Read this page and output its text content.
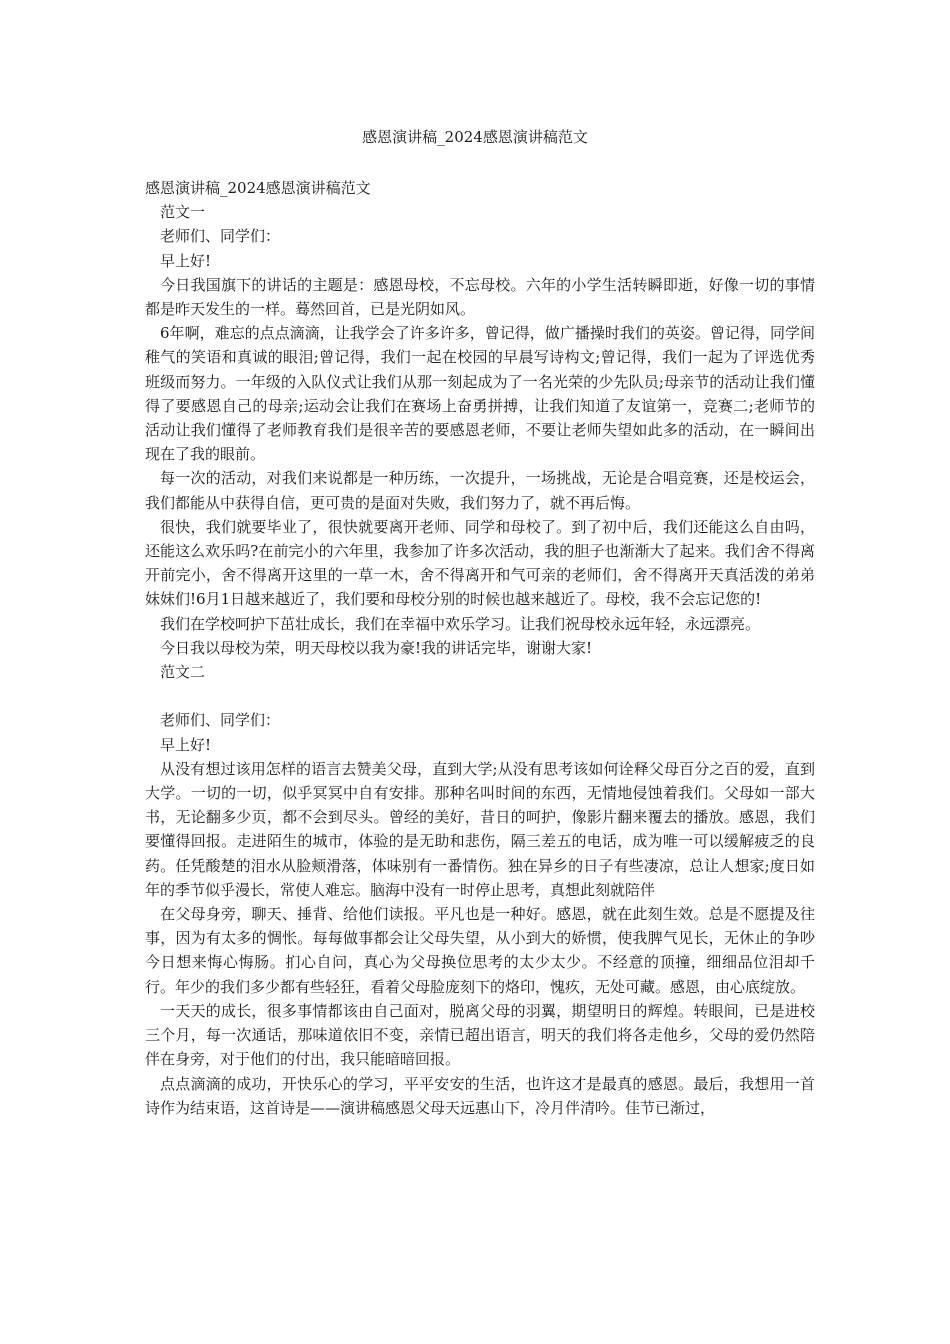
感恩演讲稿_2024感恩演讲稿范文

感恩演讲稿_2024感恩演讲稿范文

范文一

老师们、同学们：

早上好!

今日我国旗下的讲话的主题是：感恩母校，不忘母校。六年的小学生活转瞬即逝，好像一切的事情都是昨天发生的一样。蓦然回首，已是光阴如风。

6年啊，难忘的点点滴滴，让我学会了许多许多，曾记得，做广播操时我们的英姿。曾记得，同学间稚气的笑语和真诚的眼泪;曾记得，我们一起在校园的早晨写诗构文;曾记得，我们一起为了评选优秀班级而努力。一年级的入队仪式让我们从那一刻起成为了一名光荣的少先队员;母亲节的活动让我们懂得了要感恩自己的母亲;运动会让我们在赛场上奋勇拼搏，让我们知道了友谊第一，竞赛二;老师节的活动让我们懂得了老师教育我们是很辛苦的要感恩老师，不要让老师失望如此多的活动，在一瞬间出现在了我的眼前。

每一次的活动，对我们来说都是一种历练，一次提升，一场挑战，无论是合唱竞赛，还是校运会，我们都能从中获得自信，更可贵的是面对失败，我们努力了，就不再后悔。

很快，我们就要毕业了，很快就要离开老师、同学和母校了。到了初中后，我们还能这么自由吗，还能这么欢乐吗?在前完小的六年里，我参加了许多次活动，我的胆子也渐渐大了起来。我们舍不得离开前完小，舍不得离开这里的一草一木，舍不得离开和气可亲的老师们，舍不得离开天真活泼的弟弟妹妹们!6月1日越来越近了，我们要和母校分别的时候也越来越近了。母校，我不会忘记您的!

我们在学校呵护下茁壮成长，我们在幸福中欢乐学习。让我们祝母校永远年轻，永远漂亮。

今日我以母校为荣，明天母校以我为豪!我的讲话完毕，谢谢大家!

范文二

老师们、同学们：

早上好!

从没有想过该用怎样的语言去赞美父母，直到大学;从没有思考该如何诠释父母百分之百的爱，直到大学。一切的一切，似乎冥冥中自有安排。那种名叫时间的东西，无情地侵蚀着我们。父母如一部大书，无论翻多少页，都不会到尽头。曾经的美好，昔日的呵护，像影片翻来覆去的播放。感恩，我们要懂得回报。走进陌生的城市，体验的是无助和悲伤，隔三差五的电话，成为唯一可以缓解疲乏的良药。任凭酸楚的泪水从脸颊滑落，体味别有一番情伤。独在异乡的日子有些凄凉，总让人想家;度日如年的季节似乎漫长，常使人难忘。脑海中没有一时停止思考，真想此刻就陪伴

在父母身旁，聊天、捶背、给他们读报。平凡也是一种好。感恩，就在此刻生效。总是不愿提及往事，因为有太多的惆怅。每每做事都会让父母失望，从小到大的娇惯，使我脾气见长，无休止的争吵今日想来悔心悔肠。扪心自问，真心为父母换位思考的太少太少。不经意的顶撞，细细品位泪却千行。年少的我们多少都有些轻狂，看着父母脸庞刻下的烙印，愧疚，无处可藏。感恩，由心底绽放。

一天天的成长，很多事情都该由自己面对，脱离父母的羽翼，期望明日的辉煌。转眼间，已是进校三个月，每一次通话，那味道依旧不变，亲情已超出语言，明天的我们将各走他乡，父母的爱仍然陪伴在身旁，对于他们的付出，我只能暗暗回报。

点点滴滴的成功，开快乐心的学习，平平安安的生活，也许这才是最真的感恩。最后，我想用一首诗作为结束语，这首诗是——演讲稿感恩父母天远惠山下，冷月伴清吟。佳节已渐过，
